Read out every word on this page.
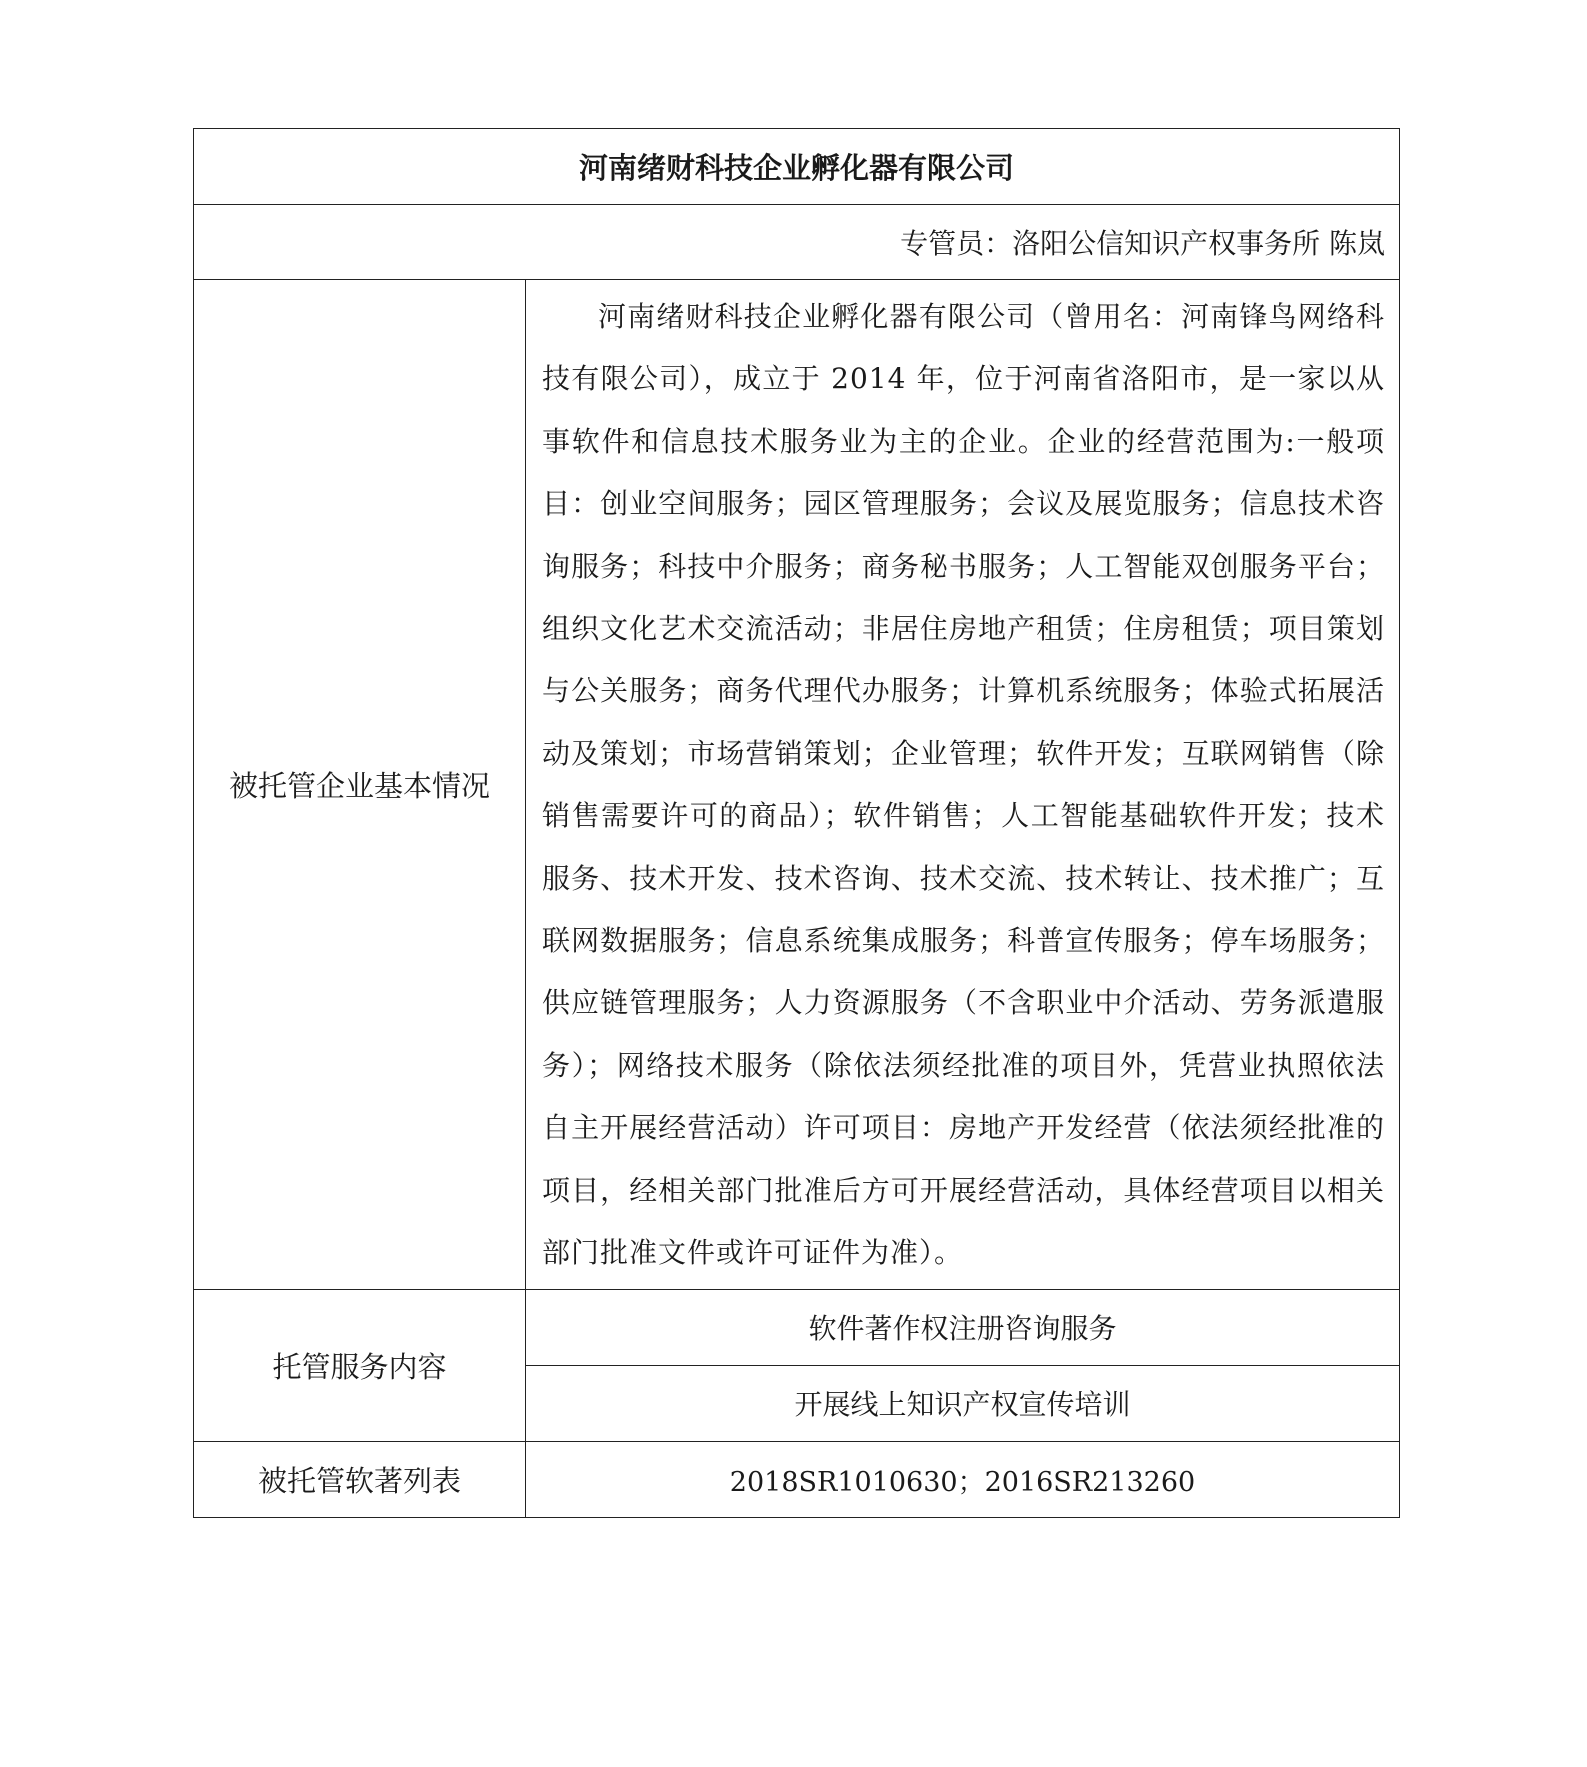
河南绪财科技企业孵化器有限公司	
专管员：洛阳公信知识产权事务所 陈岚	
被托管企业基本情况	河南绪财科技企业孵化器有限公司（曾用名：河南锋鸟网络科技有限公司），成立于 2014 年，位于河南省洛阳市，是一家以从事软件和信息技术服务业为主的企业。企业的经营范围为:一般项目：创业空间服务；园区管理服务；会议及展览服务；信息技术咨询服务；科技中介服务；商务秘书服务；人工智能双创服务平台；组织文化艺术交流活动；非居住房地产租赁；住房租赁；项目策划与公关服务；商务代理代办服务；计算机系统服务；体验式拓展活动及策划；市场营销策划；企业管理；软件开发；互联网销售（除销售需要许可的商品）；软件销售；人工智能基础软件开发；技术服务、技术开发、技术咨询、技术交流、技术转让、技术推广；互联网数据服务；信息系统集成服务；科普宣传服务；停车场服务；供应链管理服务；人力资源服务（不含职业中介活动、劳务派遣服务）；网络技术服务（除依法须经批准的项目外，凭营业执照依法自主开展经营活动）许可项目：房地产开发经营（依法须经批准的项目，经相关部门批准后方可开展经营活动，具体经营项目以相关部门批准文件或许可证件为准）。

托管服务内容	软件著作权注册咨询服务
	开展线上知识产权宣传培训
被托管软著列表	2018SR1010630；2016SR213260
